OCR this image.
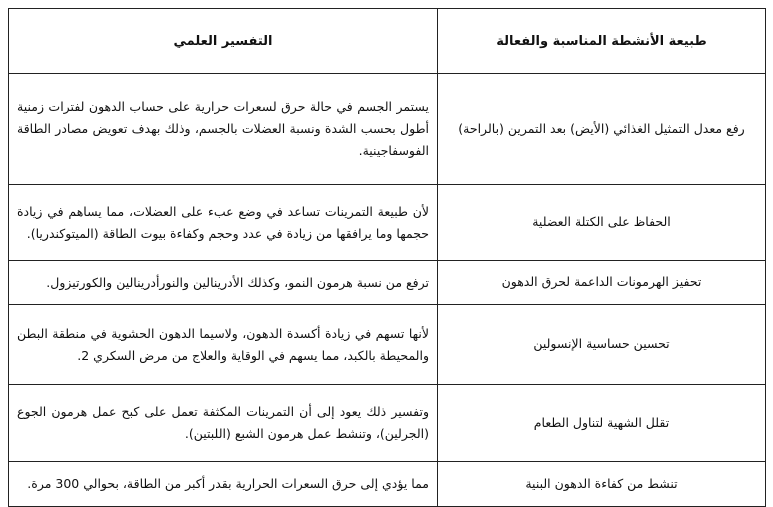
طبيعة الأنشطة المناسبة والفعالة	التفسير العلمي
رفع معدل التمثيل الغذائي (الأيض) بعد التمرين (بالراحة)	يستمر الجسم في حالة حرق لسعرات حرارية على حساب الدهون لفترات زمنية أطول بحسب الشدة ونسبة العضلات بالجسم، وذلك بهدف تعويض مصادر الطاقة الفوسفاجينية.
الحفاظ على الكتلة العضلية	لأن طبيعة التمرينات تساعد في وضع عبء على العضلات، مما يساهم في زيادة حجمها وما يرافقها من زيادة في عدد وحجم وكفاءة بيوت الطاقة (الميتوكندريا).
تحفيز الهرمونات الداعمة لحرق الدهون	ترفع من نسبة هرمون النمو، وكذلك الأدرينالين والنورأدرينالين والكورتيزول.
تحسين حساسية الإنسولين	لأنها تسهم في زيادة أكسدة الدهون، ولاسيما الدهون الحشوية في منطقة البطن والمحيطة بالكبد، مما يسهم في الوقاية والعلاج من مرض السكري 2.
تقلل الشهية لتناول الطعام	وتفسير ذلك يعود إلى أن التمرينات المكثفة تعمل على كبح عمل هرمون الجوع (الجرلين)، وتنشط عمل هرمون الشبع (اللبتين).
تنشط من كفاءة الدهون البنية	مما يؤدي إلى حرق السعرات الحرارية بقدر أكبر من الطاقة، بحوالي 300 مرة.
